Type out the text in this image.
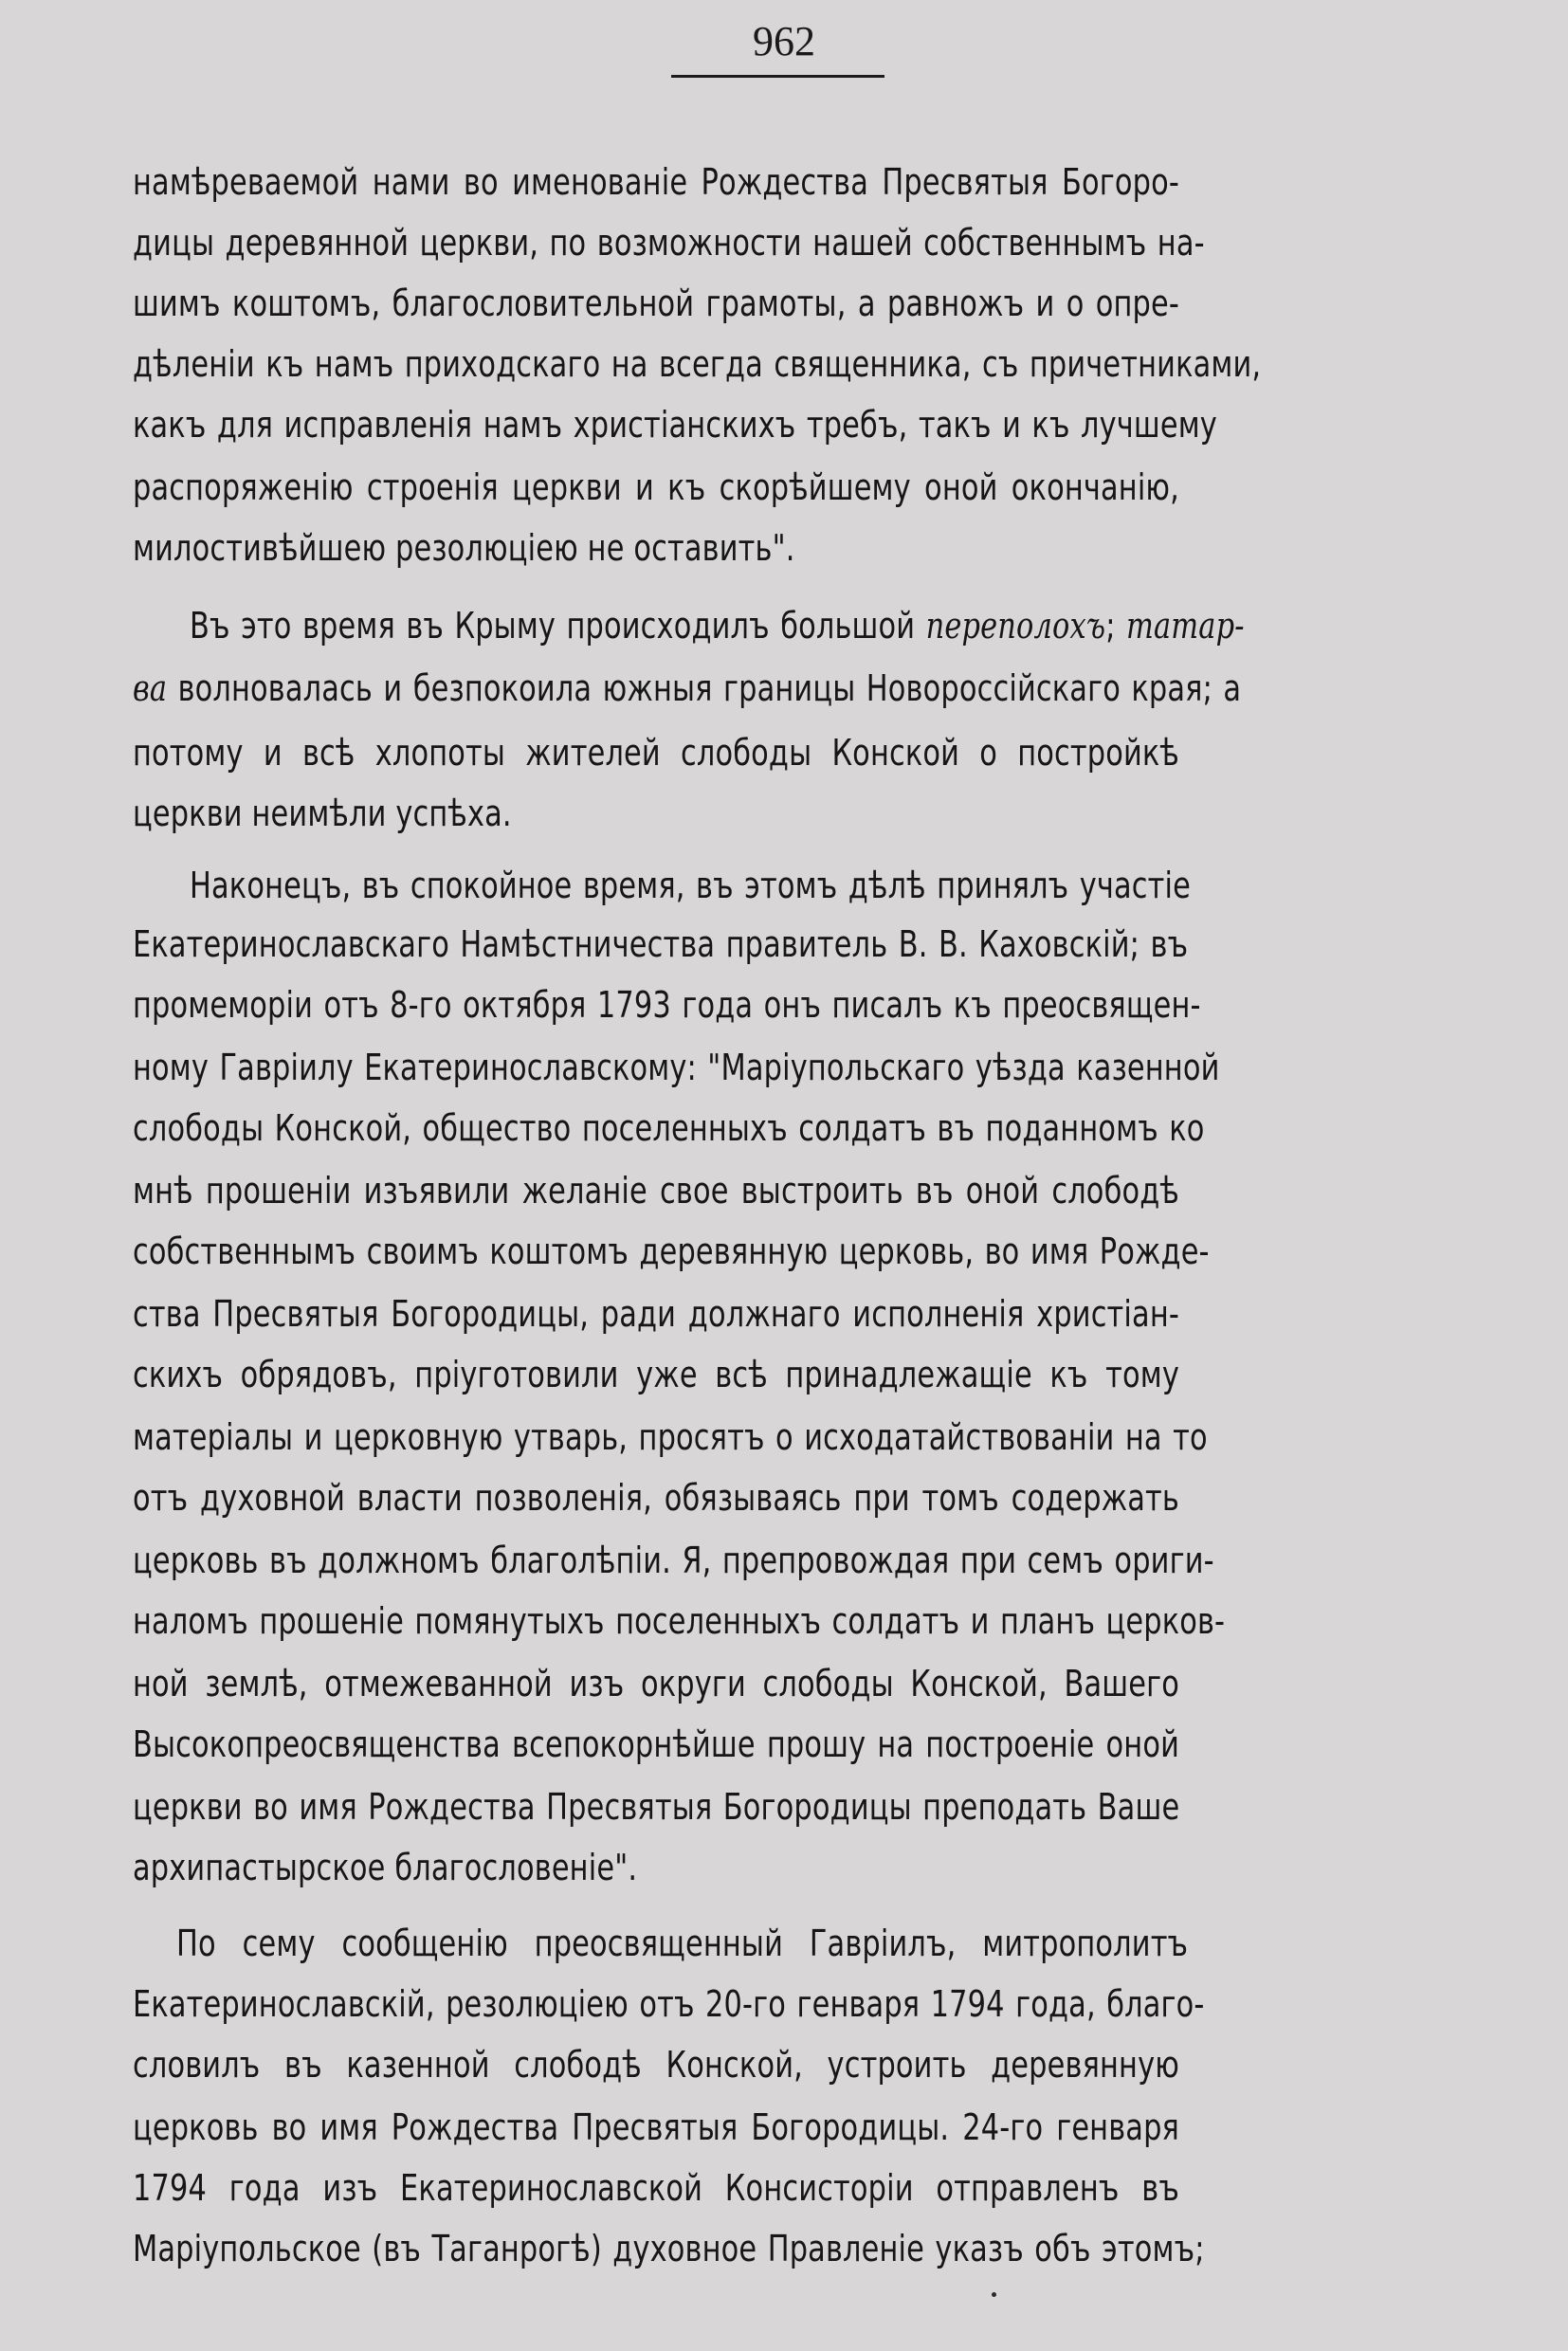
962
намѣреваемой нами во именованіе Рождества Пресвятыя Богоро-
дицы деревянной церкви, по возможности нашей собственнымъ на-
шимъ коштомъ, благословительной грамоты, а равножъ и о опре-
дѣленіи къ намъ приходскаго на всегда священника, съ причетниками,
какъ для исправленія намъ христіанскихъ требъ, такъ и къ лучшему
распоряженію строенія церкви и къ скорѣйшему оной окончанію,
милостивѣйшею резолюціею не оставить".
Въ это время въ Крыму происходилъ большой переполохъ; татар-
ва волновалась и безпокоила южныя границы Новороссійскаго края; а
потому и всѣ хлопоты жителей слободы Конской о постройкѣ
церкви неимѣли успѣха.
Наконецъ, въ спокойное время, въ этомъ дѣлѣ принялъ участіе
Екатеринославскаго Намѣстничества правитель В. В. Каховскій; въ
промеморіи отъ 8-го октября 1793 года онъ писалъ къ преосвящен-
ному Гавріилу Екатеринославскому: "Маріупольскаго уѣзда казенной
слободы Конской, общество поселенныхъ солдатъ въ поданномъ ко
мнѣ прошеніи изъявили желаніе свое выстроить въ оной слободѣ
собственнымъ своимъ коштомъ деревянную церковь, во имя Рожде-
ства Пресвятыя Богородицы, ради должнаго исполненія христіан-
скихъ обрядовъ, пріуготовили уже всѣ принадлежащіе къ тому
матеріалы и церковную утварь, просятъ о исходатайствованіи на то
отъ духовной власти позволенія, обязываясь при томъ содержать
церковь въ должномъ благолѣпіи. Я, препровождая при семъ ориги-
наломъ прошеніе помянутыхъ поселенныхъ солдатъ и планъ церков-
ной землѣ, отмежеванной изъ округи слободы Конской, Вашего
Высокопреосвященства всепокорнѣйше прошу на построеніе оной
церкви во имя Рождества Пресвятыя Богородицы преподать Ваше
архипастырское благословеніе".
По сему сообщенію преосвященный Гавріилъ, митрополитъ
Екатеринославскій, резолюціею отъ 20-го генваря 1794 года, благо-
словилъ въ казенной слободѣ Конской, устроить деревянную
церковь во имя Рождества Пресвятыя Богородицы. 24-го генваря
1794 года изъ Екатеринославской Консисторіи отправленъ въ
Маріупольское (въ Таганрогѣ) духовное Правленіе указъ объ этомъ;
